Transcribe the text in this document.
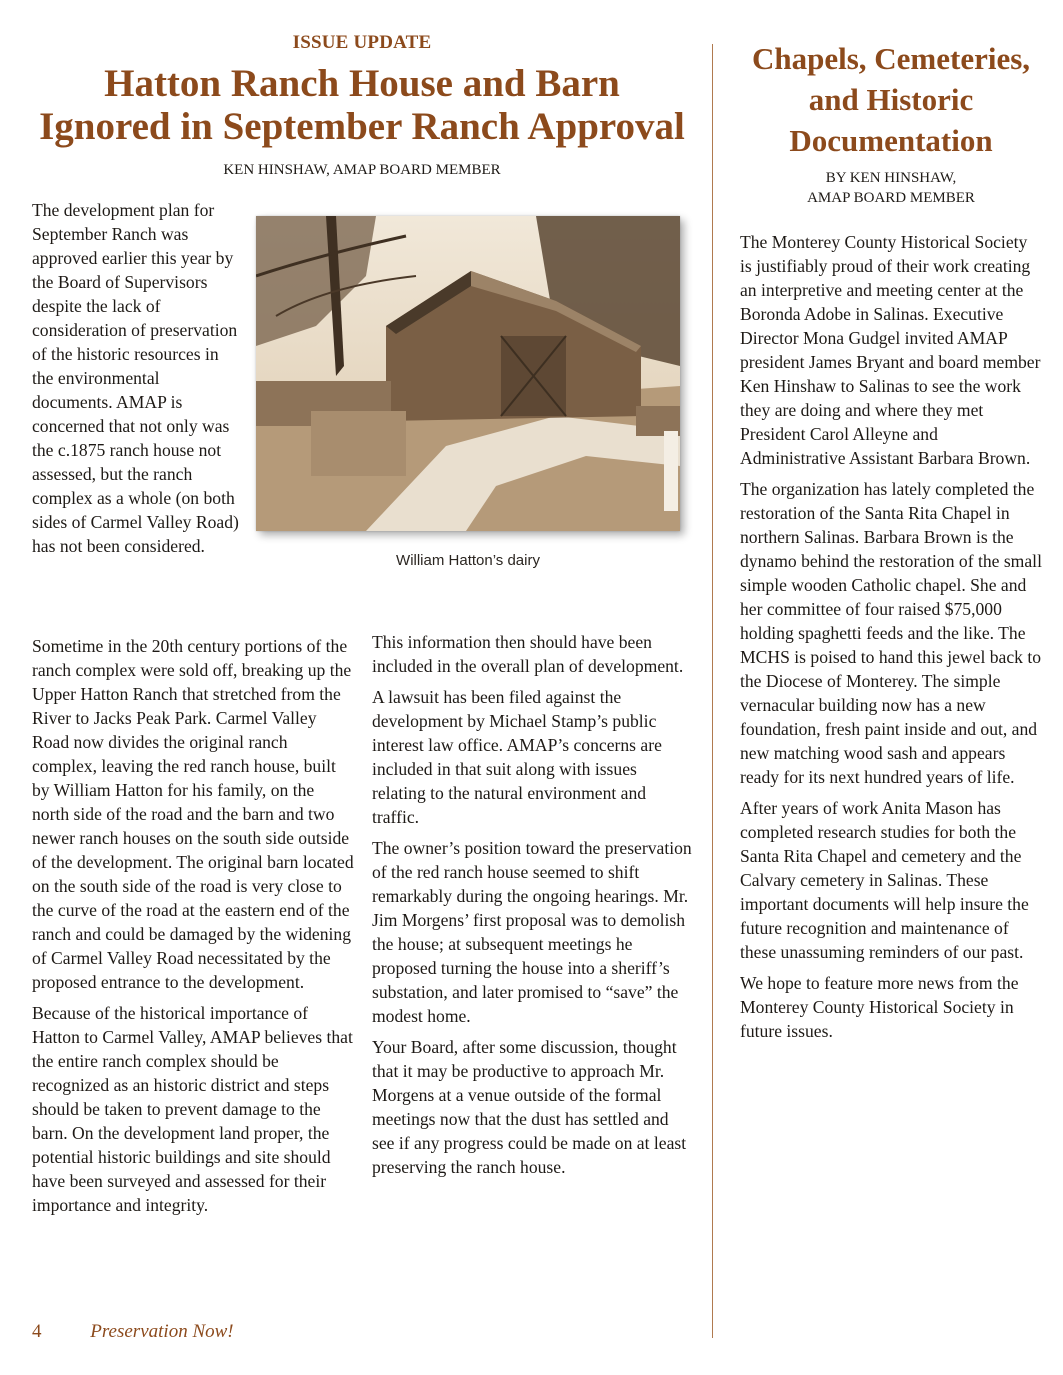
ISSUE UPDATE
Hatton Ranch House and Barn
Ignored in September Ranch Approval
KEN HINSHAW, AMAP BOARD MEMBER

The development plan for September Ranch was approved earlier this year by the Board of Supervisors despite the lack of consideration of preservation of the historic resources in the environmental documents. AMAP is concerned that not only was the c.1875 ranch house not assessed, but the ranch complex as a whole (on both sides of Carmel Valley Road) has not been considered.

William Hatton’s dairy

Sometime in the 20th century portions of the ranch complex were sold off, breaking up the Upper Hatton Ranch that stretched from the River to Jacks Peak Park. Carmel Valley Road now divides the original ranch complex, leaving the red ranch house, built by William Hatton for his family, on the north side of the road and the barn and two newer ranch houses on the south side outside of the development. The original barn located on the south side of the road is very close to the curve of the road at the eastern end of the ranch and could be damaged by the widening of Carmel Valley Road necessitated by the proposed entrance to the development.

Because of the historical importance of Hatton to Carmel Valley, AMAP believes that the entire ranch complex should be recognized as an historic district and steps should be taken to prevent damage to the barn. On the development land proper, the potential historic buildings and site should have been surveyed and assessed for their importance and integrity.

This information then should have been included in the overall plan of development.

A lawsuit has been filed against the development by Michael Stamp’s public interest law office. AMAP’s concerns are included in that suit along with issues relating to the natural environment and traffic.

The owner’s position toward the preservation of the red ranch house seemed to shift remarkably during the ongoing hearings. Mr. Jim Morgens’ first proposal was to demolish the house; at subsequent meetings he proposed turning the house into a sheriff’s substation, and later promised to “save” the modest home.

Your Board, after some discussion, thought that it may be productive to approach Mr. Morgens at a venue outside of the formal meetings now that the dust has settled and see if any progress could be made on at least preserving the ranch house.

Chapels, Cemeteries, and Historic Documentation
BY KEN HINSHAW,
AMAP BOARD MEMBER

The Monterey County Historical Society is justifiably proud of their work creating an interpretive and meeting center at the Boronda Adobe in Salinas. Executive Director Mona Gudgel invited AMAP president James Bryant and board member Ken Hinshaw to Salinas to see the work they are doing and where they met President Carol Alleyne and Administrative Assistant Barbara Brown.

The organization has lately completed the restoration of the Santa Rita Chapel in northern Salinas. Barbara Brown is the dynamo behind the restoration of the small simple wooden Catholic chapel. She and her committee of four raised $75,000 holding spaghetti feeds and the like. The MCHS is poised to hand this jewel back to the Diocese of Monterey. The simple vernacular building now has a new foundation, fresh paint inside and out, and new matching wood sash and appears ready for its next hundred years of life.

After years of work Anita Mason has completed research studies for both the Santa Rita Chapel and cemetery and the Calvary cemetery in Salinas. These important documents will help insure the future recognition and maintenance of these unassuming reminders of our past.

We hope to feature more news from the Monterey County Historical Society in future issues.

4	Preservation Now!
